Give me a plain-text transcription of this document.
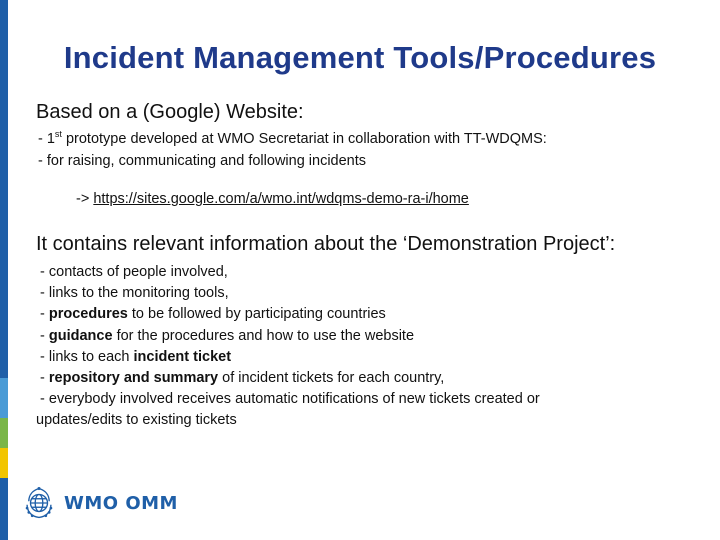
Incident Management Tools/Procedures
Based on a (Google) Website:
- 1st prototype developed at WMO Secretariat in collaboration with TT-WDQMS:
- for raising, communicating and following incidents
-> https://sites.google.com/a/wmo.int/wdqms-demo-ra-i/home
It contains relevant information about the ‘Demonstration Project’:
- contacts of people involved,
- links to the monitoring tools,
- procedures to be followed by participating countries
- guidance for the procedures and how to use the website
- links to each incident ticket
- repository and summary of incident tickets for each country,
- everybody involved receives automatic notifications of new tickets created or
updates/edits to existing tickets
WMO OMM
